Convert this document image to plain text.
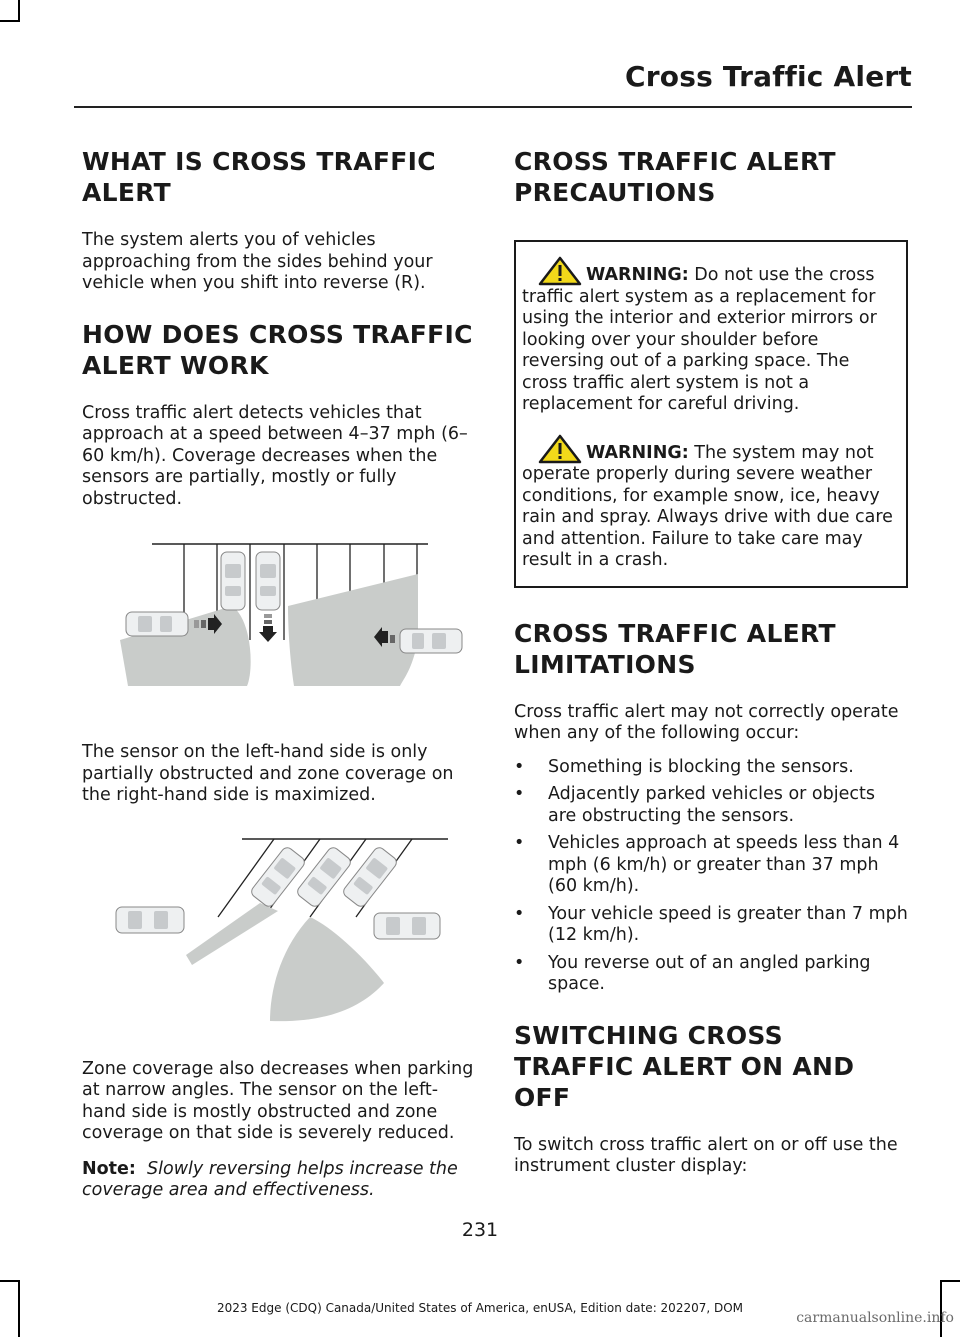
Cross Traffic Alert
WHAT IS CROSS TRAFFIC ALERT

The system alerts you of vehicles approaching from the sides behind your vehicle when you shift into reverse (R).

HOW DOES CROSS TRAFFIC ALERT WORK

Cross traffic alert detects vehicles that approach at a speed between 4–37 mph (6–60 km/h). Coverage decreases when the sensors are partially, mostly or fully obstructed.

The sensor on the left-hand side is only partially obstructed and zone coverage on the right-hand side is maximized.

Zone coverage also decreases when parking at narrow angles. The sensor on the left-hand side is mostly obstructed and zone coverage on that side is severely reduced.

Note: Slowly reversing helps increase the coverage area and effectiveness.

CROSS TRAFFIC ALERT PRECAUTIONS
WARNING: Do not use the cross traffic alert system as a replacement for using the interior and exterior mirrors or looking over your shoulder before reversing out of a parking space. The cross traffic alert system is not a replacement for careful driving.
WARNING: The system may not operate properly during severe weather conditions, for example snow, ice, heavy rain and spray. Always drive with due care and attention. Failure to take care may result in a crash.
CROSS TRAFFIC ALERT LIMITATIONS

Cross traffic alert may not correctly operate when any of the following occur:

• Something is blocking the sensors.
• Adjacently parked vehicles or objects are obstructing the sensors.
• Vehicles approach at speeds less than 4 mph (6 km/h) or greater than 37 mph (60 km/h).
• Your vehicle speed is greater than 7 mph (12 km/h).
• You reverse out of an angled parking space.
SWITCHING CROSS TRAFFIC ALERT ON AND OFF

To switch cross traffic alert on or off use the instrument cluster display:

231
2023 Edge (CDQ) Canada/United States of America, enUSA, Edition date: 202207, DOM
carmanualsonline.info
